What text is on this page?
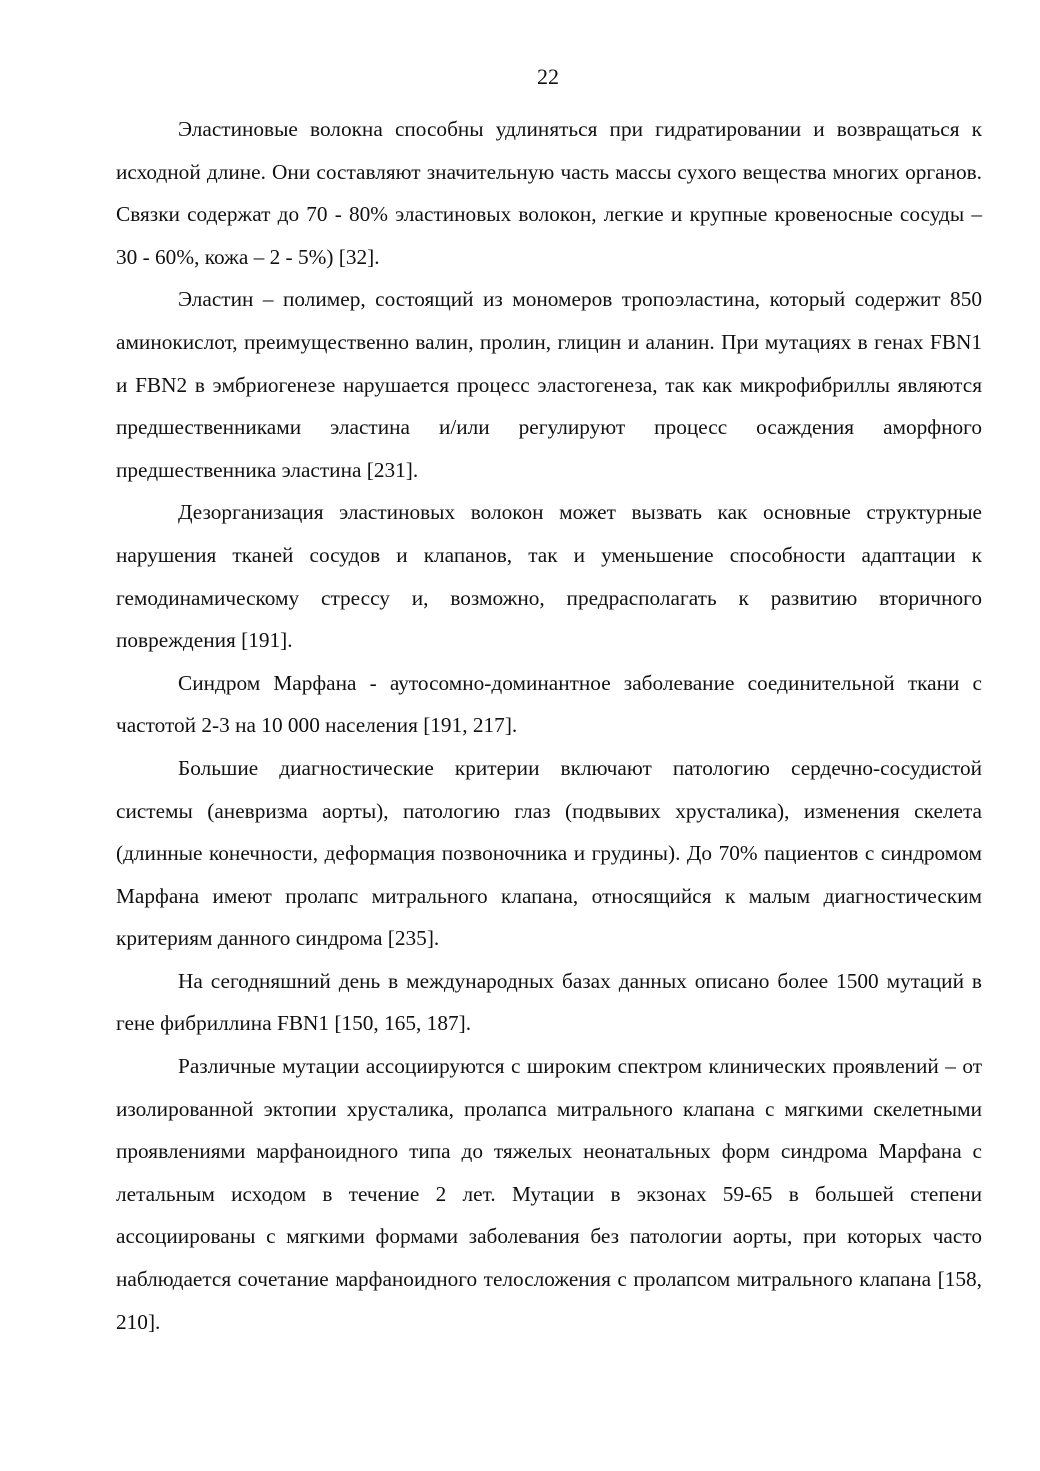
22

Эластиновые волокна способны удлиняться при гидратировании и возвращаться к исходной длине. Они составляют значительную часть массы сухого вещества многих органов. Связки содержат до 70 - 80% эластиновых волокон, легкие и крупные кровеносные сосуды – 30 - 60%, кожа – 2 - 5%) [32].

Эластин – полимер, состоящий из мономеров тропоэластина, который содержит 850 аминокислот, преимущественно валин, пролин, глицин и аланин. При мутациях в генах FBN1 и FBN2 в эмбриогенезе нарушается процесс эластогенеза, так как микрофибриллы являются предшественниками эластина и/или регулируют процесс осаждения аморфного предшественника эластина [231].

Дезорганизация эластиновых волокон может вызвать как основные структурные нарушения тканей сосудов и клапанов, так и уменьшение способности адаптации к гемодинамическому стрессу и, возможно, предрасполагать к развитию вторичного повреждения [191].

Синдром Марфана - аутосомно-доминантное заболевание соединительной ткани с частотой 2-3 на 10 000 населения [191, 217].

Большие диагностические критерии включают патологию сердечно-сосудистой системы (аневризма аорты), патологию глаз (подвывих хрусталика), изменения скелета (длинные конечности, деформация позвоночника и грудины). До 70% пациентов с синдромом Марфана имеют пролапс митрального клапана, относящийся к малым диагностическим критериям данного синдрома [235].

На сегодняшний день в международных базах данных описано более 1500 мутаций в гене фибриллина FBN1 [150, 165, 187].

Различные мутации ассоциируются с широким спектром клинических проявлений – от изолированной эктопии хрусталика, пролапса митрального клапана с мягкими скелетными проявлениями марфаноидного типа до тяжелых неонатальных форм синдрома Марфана с летальным исходом в течение 2 лет. Мутации в экзонах 59-65 в большей степени ассоциированы с мягкими формами заболевания без патологии аорты, при которых часто наблюдается сочетание марфаноидного телосложения с пролапсом митрального клапана [158, 210].
